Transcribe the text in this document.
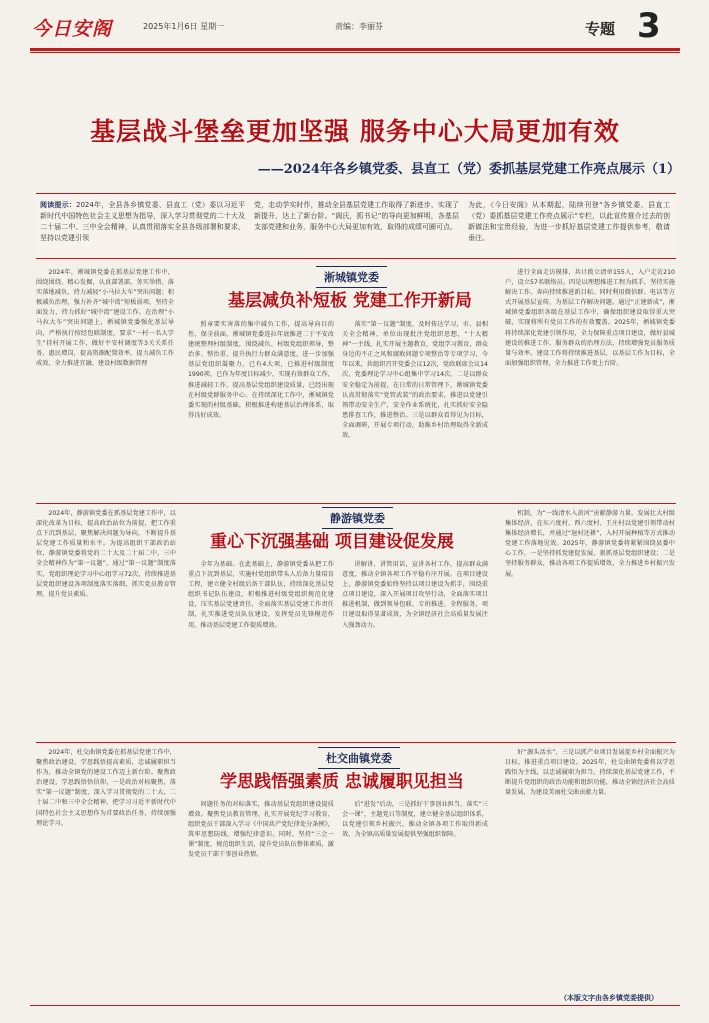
今日安阁	2025年1月6日 星期一	责编：李丽芬	专题 3
基层战斗堡垒更加坚强 服务中心大局更加有效
——2024年各乡镇党委、县直工（党）委抓基层党建工作亮点展示（1）
阅读提示：2024年，全县各乡镇党委、县直工（党）委以习近平新时代中国特色社会主义思想为指导，深入学习贯彻党的二十大及二十届二中、三中全会精神，认真贯彻落实全县各级部署和要求，坚持以党建引领
党，走动学实时作，推动全县基层党建工作取得了新进步、实现了新提升，达上了新台阶。“阁氏，抓书记”的导向更加鲜明，各基层支部党建和业务，服务中心大局更加有效，取得的成绩可圈可点。
为此，《今日安阁》从本期起，陆续刊登“各乡镇党委、县直工（党）委抓基层党建工作亮点展示”专栏，以此宣传推介过去的创新做法和宝贵经验，为进一步抓好基层党建工作提供参考，敬请垂注。
淅城镇党委
基层减负补短板 党建工作开新局

2024年，淅城镇党委在抓基层党建工作中，围绕围绕、精心发掘，认真部署部，务实举措、落实落地减负，持力减轻“小马拉大车”突出问题；积极减负治理，强力补齐“城中湾”短板弱项，坚持全面发力，持力抓好“城中湾”建设工作。在治理“小马拉大车”突出问题上，淅城镇党委强化基层导向，严格执行按经包联制度，要求“一村一名大学生”挂村开展工作，做好平安村调度等3关关系任务，惠民增岗，提高资源配置效率，提力减负工作成效，全力推进宜融、建设村级数据管理

照章要实害落的集中减负工作，提高导向目的性，保全前面。淅城镇党委连拉年底推进二于平安改建统整理村级制度，围绕减负、村级党组织领导，整治多、整治重、提升执行力群众满意度，进一步加强基层党组织凝聚力，已有4大项，已推进村级制度1990项，已作为年度目标减少，实现有效群众工作，推进减轻工作，提高基层党组织建设质量，已经出现在村级党群服务中心。在持续深化工作中，淅城镇党委实现的村级基础，积极推进构建基层治理体系，取得良好成效。

落实“第一议题”制度，及时传达学习，市、县相关全会精神，单位出现批注党组织思想，“十大精神”一主线，扎实开展主题教育，党组学习教育，群众身边的不正之风和腐败问题专项整治等专项学习，今年以来，共组织召开党委会议12次，党政联席会议14次，党委理论学习中心组集中学习14次。二是以群众安全稳定为前提，在日常的日常管理下，淅城镇党委认真贯彻落实“党管武装”的政治要求，推进以党建引领带动安全生产，安全作业系统化，扎实抓好安全隐患排查工作，推进整治。三是以群众看得见为目标，全面调研，开展专项行动，助推乡村治理取得全新成效。

进行全面走访摸排，共计拨立清单155人，入户走访210户，设立57名联络员。四是以理想推进工程为抓手，坚持实施解决工作，奔向持续推进新目标。同时利用微信群、电话等方式开展基层宣传，为基层工作解决问题。通过“正建新成”，淅城镇党委组织各级在基层工作中，确保组织建设取得重大突破，实现将所有党员工作的有效覆盖。2025年，淅城镇党委将持续深化党建引领作用，全力保障重点项目建设，做好县城建设的推进工作，服务群众的治理方法，持续增强党员服务质量与效率，建设工作将持续推进基层，以基层工作为目标，全面加强组织管理，全力推进工作更上台阶。

静游镇党委
重心下沉强基础 项目建设促发展

2024年，静游镇党委在抓基层党建工作中，以深化改革为目标，提高政治站位为前提，把工作重点下沉到基层，聚焦解决问题为导向，不断提升基层党建工作质量和水平。为提高组织干部政治站位，静游镇党委将党的二十大及二十届二中、三中全会精神作为“第一议题”，通过“第一议题”制度落实，党组织理论学习中心组学习72次，持续推进基层党组织建设各项制度落实落细，抓实党员教育管理，提升党员素质。

全年为基础。在此基础上，静游镇党委从把工作重点下沉到基层，实施村党组织带头人后备力量培育工程，建立健全村级后备干部队伍，持续深化基层党组织书记队伍建设，积极推进村级党组织规范化建设，压实基层党建责任，全面落实基层党建工作责任制，扎实推进党员队伍建设，发挥党员先锋模范作用，推动基层党建工作提质增效。

讲解讲、讲管用话，宣讲各村工作，提高群众满意度，推动全镇各项工作平稳有序开展。在项目建设上，静游镇党委始终坚持以项目建设为抓手，围绕重点项目建设，深入开展项目攻坚行动，全面落实项目推进机制，做到领导包联、专班推进、全程服务，项目建设取得显著成效，为全镇经济社会高质量发展注入强劲动力。

机制，为“一线清水入黄河”贡献静游力量。发展壮大村级集体经济，在东六度村、西六度村、王庄村以党建引领带动村集体经济增长，并通过“退村还耕”，入村开展种植等方式推动党建工作落地见效。2025年，静游镇党委将紧紧围绕县委中心工作，一是坚持抓党建促发展，狠抓基层党组织建设；二是坚持服务群众，推动各项工作提质增效，全力推进乡村振兴发展。

杜交曲镇党委
学思践悟强素质 忠诚履职见担当

2024年，杜交曲镇党委在抓基层党建工作中，聚焦政治建设、学思践悟提高素质，忠诚履职担当作为，推动全镇党的建设工作迈上新台阶。聚焦政治建设，学思践悟悟信仰，一是政治对标聚焦，落实“第一议题”制度，深入学习贯彻党的二十大、二十届二中和三中全会精神，把学习习近平新时代中国特色社会主义思想作为首要政治任务，持续加强理论学习。

问题任务的对标落实，推动基层党组织建设提质增效。聚焦党员教育管理，扎实开展党纪学习教育，组织党员干部深入学习《中国共产党纪律处分条例》，筑牢思想防线，增强纪律意识。同时，坚持“三会一课”制度，规范组织生活，提升党员队伍整体素质，激发党员干部干事创业热情。

后“进发”后动，三是抓好干事创业担当，落实“三会一课”，主题党日等制度，建立健全基层组织体系，以党建引领乡村振兴，推动全镇各项工作取得新成效，为全镇高质量发展提供坚强组织保障。

好“源头活水”，三是以抓产业项目发展促乡村全面振兴为目标，推进重点项目建设。2025年，杜交曲镇党委将以学思践悟为主线，以忠诚履职为担当，持续深化基层党建工作，不断提升党组织的政治功能和组织功能，推动全镇经济社会高质量发展，为建设美丽杜交曲贡献力量。

（本版文字由各乡镇党委提供）
